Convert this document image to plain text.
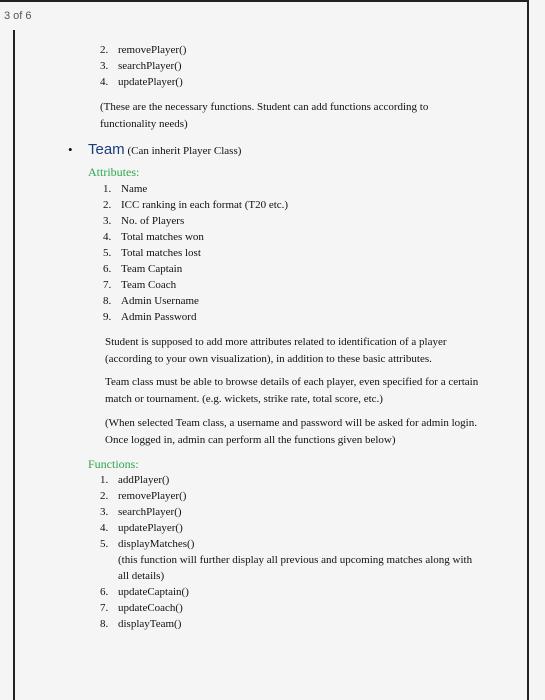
3 of 6
2. removePlayer()
3. searchPlayer()
4. updatePlayer()

(These are the necessary functions. Student can add functions according to functionality needs)

• Team (Can inherit Player Class)
Attributes:
1. Name
2. ICC ranking in each format (T20 etc.)
3. No. of Players
4. Total matches won
5. Total matches lost
6. Team Captain
7. Team Coach
8. Admin Username
9. Admin Password

Student is supposed to add more attributes related to identification of a player (according to your own visualization), in addition to these basic attributes.

Team class must be able to browse details of each player, even specified for a certain match or tournament. (e.g. wickets, strike rate, total score, etc.)

(When selected Team class, a username and password will be asked for admin login. Once logged in, admin can perform all the functions given below)

Functions:
1. addPlayer()
2. removePlayer()
3. searchPlayer()
4. updatePlayer()
5. displayMatches()
(this function will further display all previous and upcoming matches along with all details)
6. updateCaptain()
7. updateCoach()
8. displayTeam()
